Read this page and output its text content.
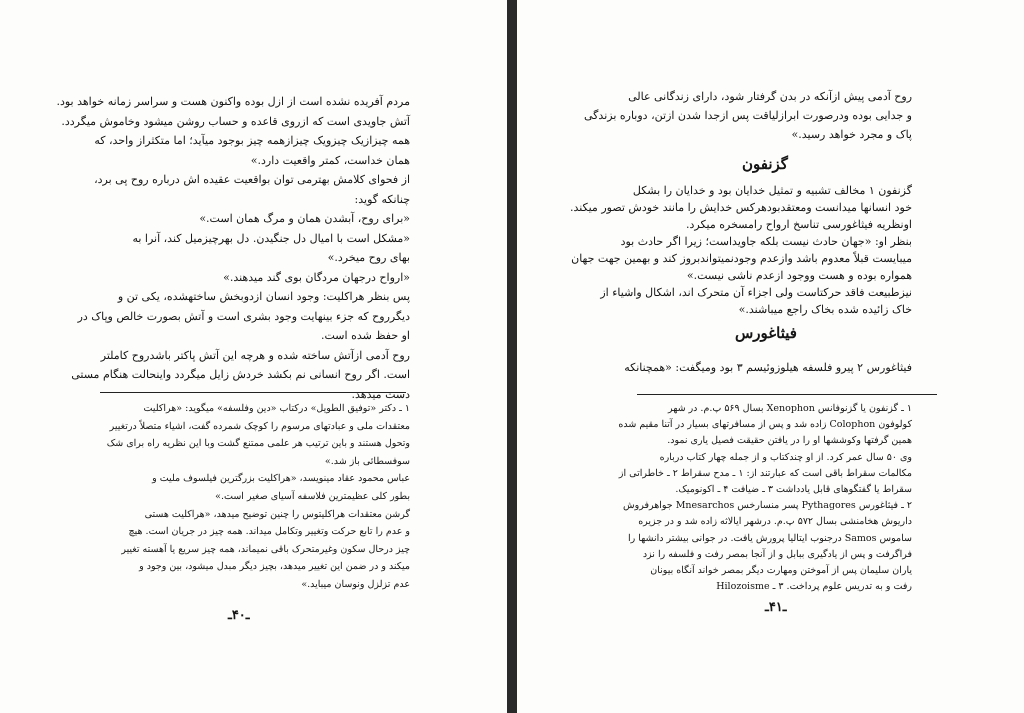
مردم آفریده نشده است از ازل بوده واکنون هست و سراسر زمانه خواهد بود.
آتش جاویدی است که ازروی قاعده و حساب روشن میشود وخاموش میگردد.
همه چیزازیک چیزویک چیزازهمه چیز بوجود میآید؛ اما متکثراز واحد، که
همان خداست، کمتر واقعیت دارد.»
از فحوای کلامش بهترمی توان بواقعیت عقیده اش درباره روح پی برد،
چنانکه گوید:
«برای روح، آبشدن همان و مرگ همان است.»
«مشکل است با امیال دل جنگیدن. دل بهرچیزمیل کند، آنرا به
بهای روح میخرد.»
«ارواح درجهان مردگان بوی گند میدهند.»
پس بنظر هراکلیت: وجود انسان ازدوبخش ساختهشده، یکی تن و
دیگرروح که جزء بینهایت وجود بشری است و آتش بصورت خالص وپاک در
او حفظ شده است.
روح آدمی ازآتش ساخته شده و هرچه این آتش پاکتر باشدروح کاملتر
است. اگر روح انسانی نم بکشد خردش زایل میگردد واینحالت هنگام مستی
دست میدهد.
۱ ـ دکتر «توفیق الطویل» درکتاب «دین وفلسفه» میگوید: «هراکلیت
معتقدات ملی و عبادتهای مرسوم را کوچک شمرده گفت، اشیاء متصلاً درتغییر
وتحول هستند و باین ترتیب هر علمی ممتنع گشت وبا این نظریه راه برای شک
سوفسطائی باز شد.»
عباس محمود عقاد مینویسد، «هراکلیت بزرگترین فیلسوف ملیت و
بطور کلی عظیمترین فلاسفه آسیای صغیر است.»
گرشن معتقدات هراکلیتوس را چنین توضیح میدهد، «هراکلیت هستی
و عدم را تابع حرکت وتغییر وتکامل میداند. همه چیز در جریان است. هیچ
چیز درحال سکون وغیرمتحرک باقی نمیماند، همه چیز سریع یا آهسته تغییر
میکند و در ضمن این تغییر میدهد، بچیز دیگر مبدل میشود، بین وجود و
عدم تزلزل ونوسان میباید.»
ـ۴۰ـ
روح آدمی پیش ازآنکه در بدن گرفتار شود، دارای زندگانی عالی
و جدایی بوده ودرصورت ابرازلیاقت پس ازجدا شدن ازتن، دوباره بزندگی
پاک و مجرد خواهد رسید.»
گزنفون
گزنفون ۱ مخالف تشبیه و تمثیل خدایان بود و خدایان را بشکل
خود انسانها میدانست ومعتقدبودهرکس خدایش را مانند خودش تصور میکند.
اونظریه فیثاغورسی تناسخ ارواح رامسخره میکرد.
بنظر او: «جهان حادث نیست بلکه جاویداست؛ زیرا اگر حادث بود
میبایست قبلاً معدوم باشد وازعدم وجودنمیتواندبروز کند و بهمین جهت جهان
همواره بوده و هست ووجود ازعدم ناشی نیست.»
نیزطبیعت فاقد حرکتاست ولی اجزاء آن متحرک اند، اشکال واشیاء از
خاک زائیده شده بخاک راجع میباشند.»
فیثاغورس
فیثاغورس ۲ پیرو فلسفه هیلوزوئیسم ۳ بود ومیگفت: «همچنانکه
۱ ـ گزنفون یا گزنوفانس Xenophon بسال ۵۶۹ پ.م. در شهر
کولوفون Colophon زاده شد و پس از مسافرتهای بسیار در آتنا مقیم شده
همین گرفتها وکوششها او را در یافتن حقیقت فصیل یاری نمود.
وی ۵۰ سال عمر کرد. از او چندکتاب و از جمله چهار کتاب درباره
مکالمات سقراط باقی است که عبارتند از: ۱ ـ مدح سقراط ۲ ـ خاطراتی از
سقراط یا گفتگوهای قابل یادداشت ۳ ـ ضیافت ۴ ـ اکونومیک.
۲ ـ فیثاغورس Pythagores پسر منسارخس Mnesarchos جواهرفروش
داریوش هخامنشی بسال ۵۷۲ پ.م. درشهر ایالاثه زاده شد و در جزیره
ساموس Samos درجنوب ایتالیا پرورش یافت. در جوانی بیشتر دانشها را
فراگرفت و پس از یادگیری ببابل و از آنجا بمصر رفت و فلسفه را نزد
یاران سلیمان پس از آموختن ومهارت دیگر بمصر خواند آنگاه بیونان
رفت و به تدریس علوم پرداخت. ۳ ـ Hilozoisme
ـ۴۱ـ
